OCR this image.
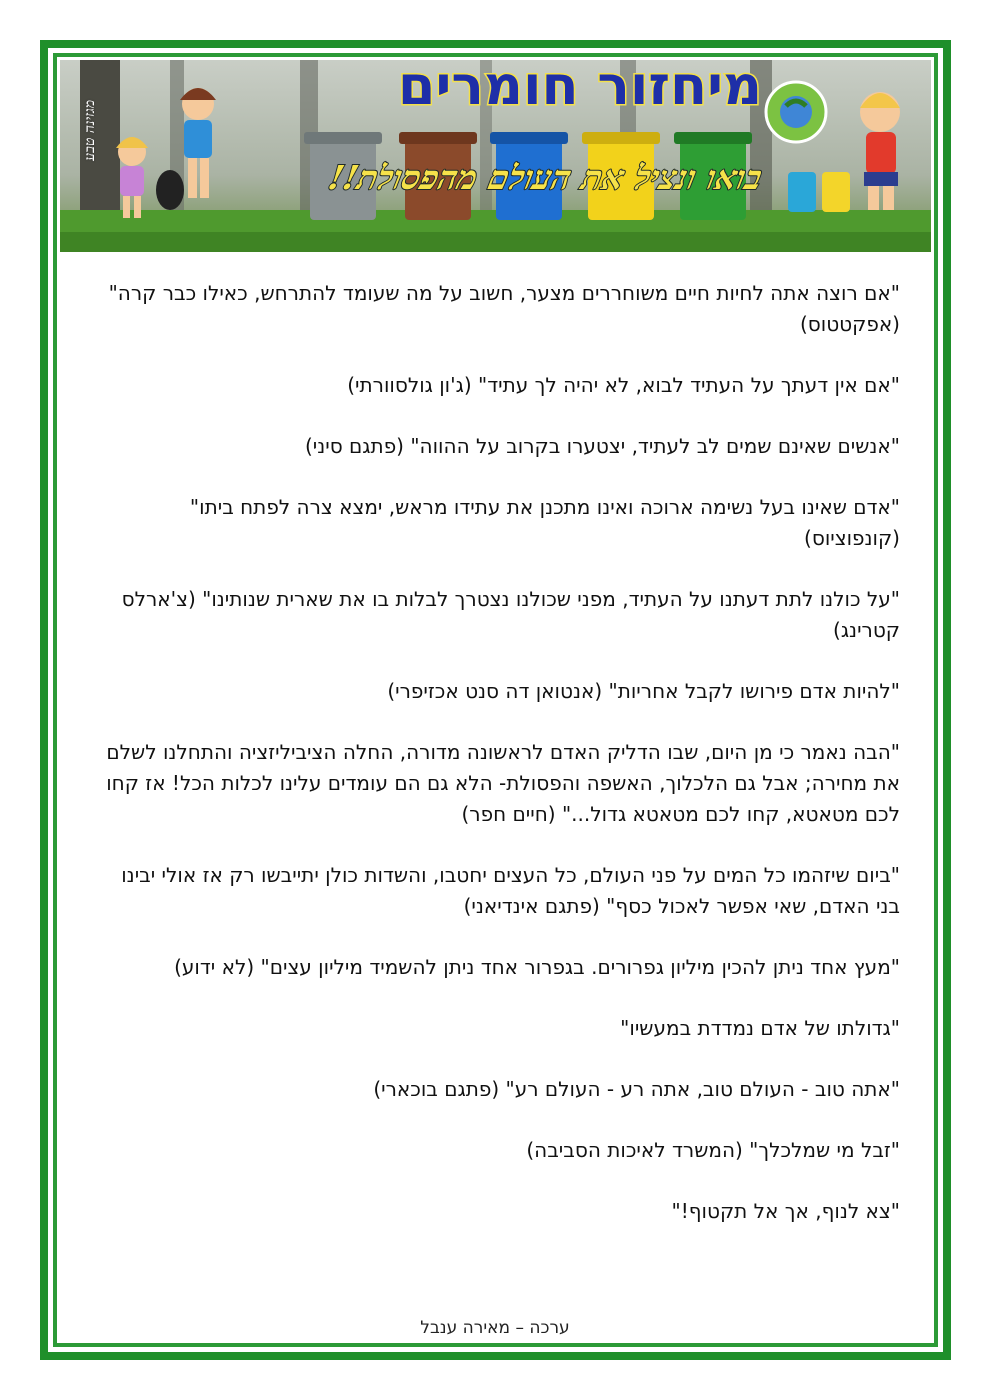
מיחזור חומרים
בואו ונציל את העולם מהפסולת!!
מגזינה טבע

"אם רוצה אתה לחיות חיים משוחררים מצער, חשוב על מה שעומד להתרחש, כאילו כבר קרה" (אפקטטוס)

"אם אין דעתך על העתיד לבוא, לא יהיה לך עתיד" (ג'ון גולסוורתי)

"אנשים שאינם שמים לב לעתיד, יצטערו בקרוב על ההווה" (פתגם סיני)

"אדם שאינו בעל נשימה ארוכה ואינו מתכנן את עתידו מראש, ימצא צרה לפתח ביתו" (קונפוציוס)

"על כולנו לתת דעתנו על העתיד, מפני שכולנו נצטרך לבלות בו את שארית שנותינו" (צ'ארלס קטרינג)

"להיות אדם פירושו לקבל אחריות" (אנטואן דה סנט אכזיפרי)

"הבה נאמר כי מן היום, שבו הדליק האדם לראשונה מדורה, החלה הציביליזציה והתחלנו לשלם את מחירה; אבל גם הלכלוך, האשפה והפסולת- הלא גם הם עומדים עלינו לכלות הכל! אז קחו לכם מטאטא, קחו לכם מטאטא גדול..." (חיים חפר)

"ביום שיזהמו כל המים על פני העולם, כל העצים יחטבו, והשדות כולן יתייבשו רק אז אולי יבינו בני האדם, שאי אפשר לאכול כסף" (פתגם אינדיאני)

"מעץ אחד ניתן להכין מיליון גפרורים. בגפרור אחד ניתן להשמיד מיליון עצים" (לא ידוע)

"גדולתו של אדם נמדדת במעשיו"

"אתה טוב - העולם טוב, אתה רע - העולם רע" (פתגם בוכארי)

"זבל מי שמלכלך" (המשרד לאיכות הסביבה)

"צא לנוף, אך אל תקטוף!"

ערכה – מאירה ענבל
